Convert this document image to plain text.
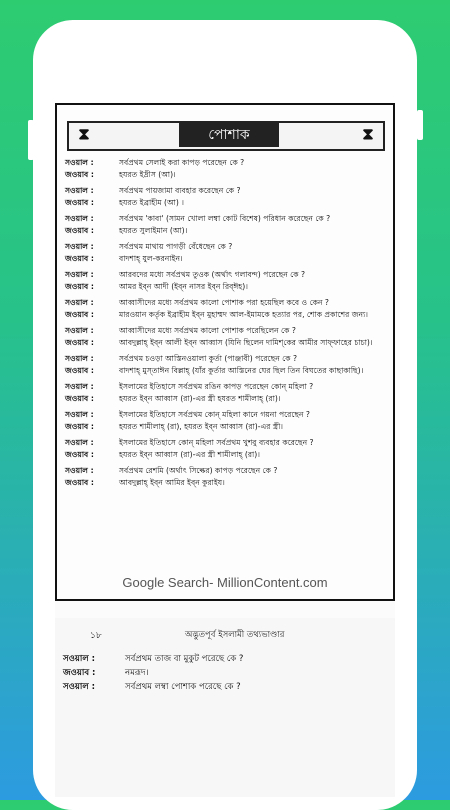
⧗	পোশাক	⧗
সওয়াল :	সর্বপ্রথম সেলাই করা কাপড় পরেছেন কে ?
জওয়াব :	হযরত ইদ্রীস (আ)।
সওয়াল :	সর্বপ্রথম পায়জামা ব্যবহার করেছেন কে ?
জওয়াব :	হযরত ইব্রাহীম (আ) ।
সওয়াল :	সর্বপ্রথম 'কাবা' (সামন খোলা লম্বা কোট বিশেষ) পরিধান করেছেন কে ?
জওয়াব :	হযরত সুলাইমান (আ)।
সওয়াল :	সর্বপ্রথম মাথায় পাগড়ী বেঁধেছেন কে ?
জওয়াব :	বাদশাহ্‌ যুল-করনাইন।
সওয়াল :	আরবদের মধ্যে সর্বপ্রথম তুওক (অর্থাৎ গলাবন্দ) পরেছেন কে ?
জওয়াব :	আমর ইব্‌ন আদী (ইব্‌ন নাসর ইব্‌ন রিব্‌ঈহ)।
সওয়াল :	আব্বাসীদের মধ্যে সর্বপ্রথম কালো পোশাক পরা হয়েছিল কবে ও কেন ?
জওয়াব :	মারওয়ান কর্তৃক ইব্রাহীম ইব্‌ন মুহাম্মদ আল-ইমামকে হত্যার পর, শোক প্রকাশের জন্য।
সওয়াল :	আব্বাসীদের মধ্যে সর্বপ্রথম কালো পোশাক পরেছিলেন কে ?
জওয়াব :	আবদুল্লাহ্‌ ইব্‌ন আলী ইব্‌ন আব্বাস (যিনি ছিলেন দামিশ্‌কের আমীর সাফ্‌ফাহের চাচা)।
সওয়াল :	সর্বপ্রথম চওড়া আস্তিনওয়ালা কুর্তা (পাঞ্জাবী) পরেছেন কে ?
জওয়াব :	বাদশাহ্‌ মুস্‌তাঈন বিল্লাহ্‌ (যাঁর কুর্তার আস্তিনের ঘের ছিল তিন বিঘতের কাছাকাছি)।
সওয়াল :	ইসলামের ইতিহাসে সর্বপ্রথম রঙিন কাপড় পরেছেন কোন্‌ মহিলা ?
জওয়াব :	হযরত ইব্‌ন আব্বাস (রা)-এর স্ত্রী হযরত শামীলাহ্‌ (রা)।
সওয়াল :	ইসলামের ইতিহাসে সর্বপ্রথম কোন্‌ মহিলা কানে গয়না পরেছেন ?
জওয়াব :	হযরত শামীলাহ্‌ (রা), হযরত ইব্‌ন আব্বাস (রা)-এর স্ত্রী।
সওয়াল :	ইসলামের ইতিহাসে কোন্‌ মহিলা সর্বপ্রথম খুশবু ব্যবহার করেছেন ?
জওয়াব :	হযরত ইব্‌ন আব্বাস (রা)-এর স্ত্রী শামীলাহ্‌ (রা)।
সওয়াল :	সর্বপ্রথম রেশমি (অর্থাৎ সিল্কের) কাপড় পরেছেন কে ?
জওয়াব :	আবদুল্লাহ্‌ ইব্‌ন আমির ইব্‌ন কুরাইয।
Google Search- MillionContent.com
১৮	অদ্ভুতপূর্ব ইসলামী তথ্যভাণ্ডার
সওয়াল :	সর্বপ্রথম তাজ বা মুকুট পরেছে কে ?
জওয়াব :	নমরূদ।
সওয়াল :	সর্বপ্রথম লম্বা পোশাক পরেছে কে ?
